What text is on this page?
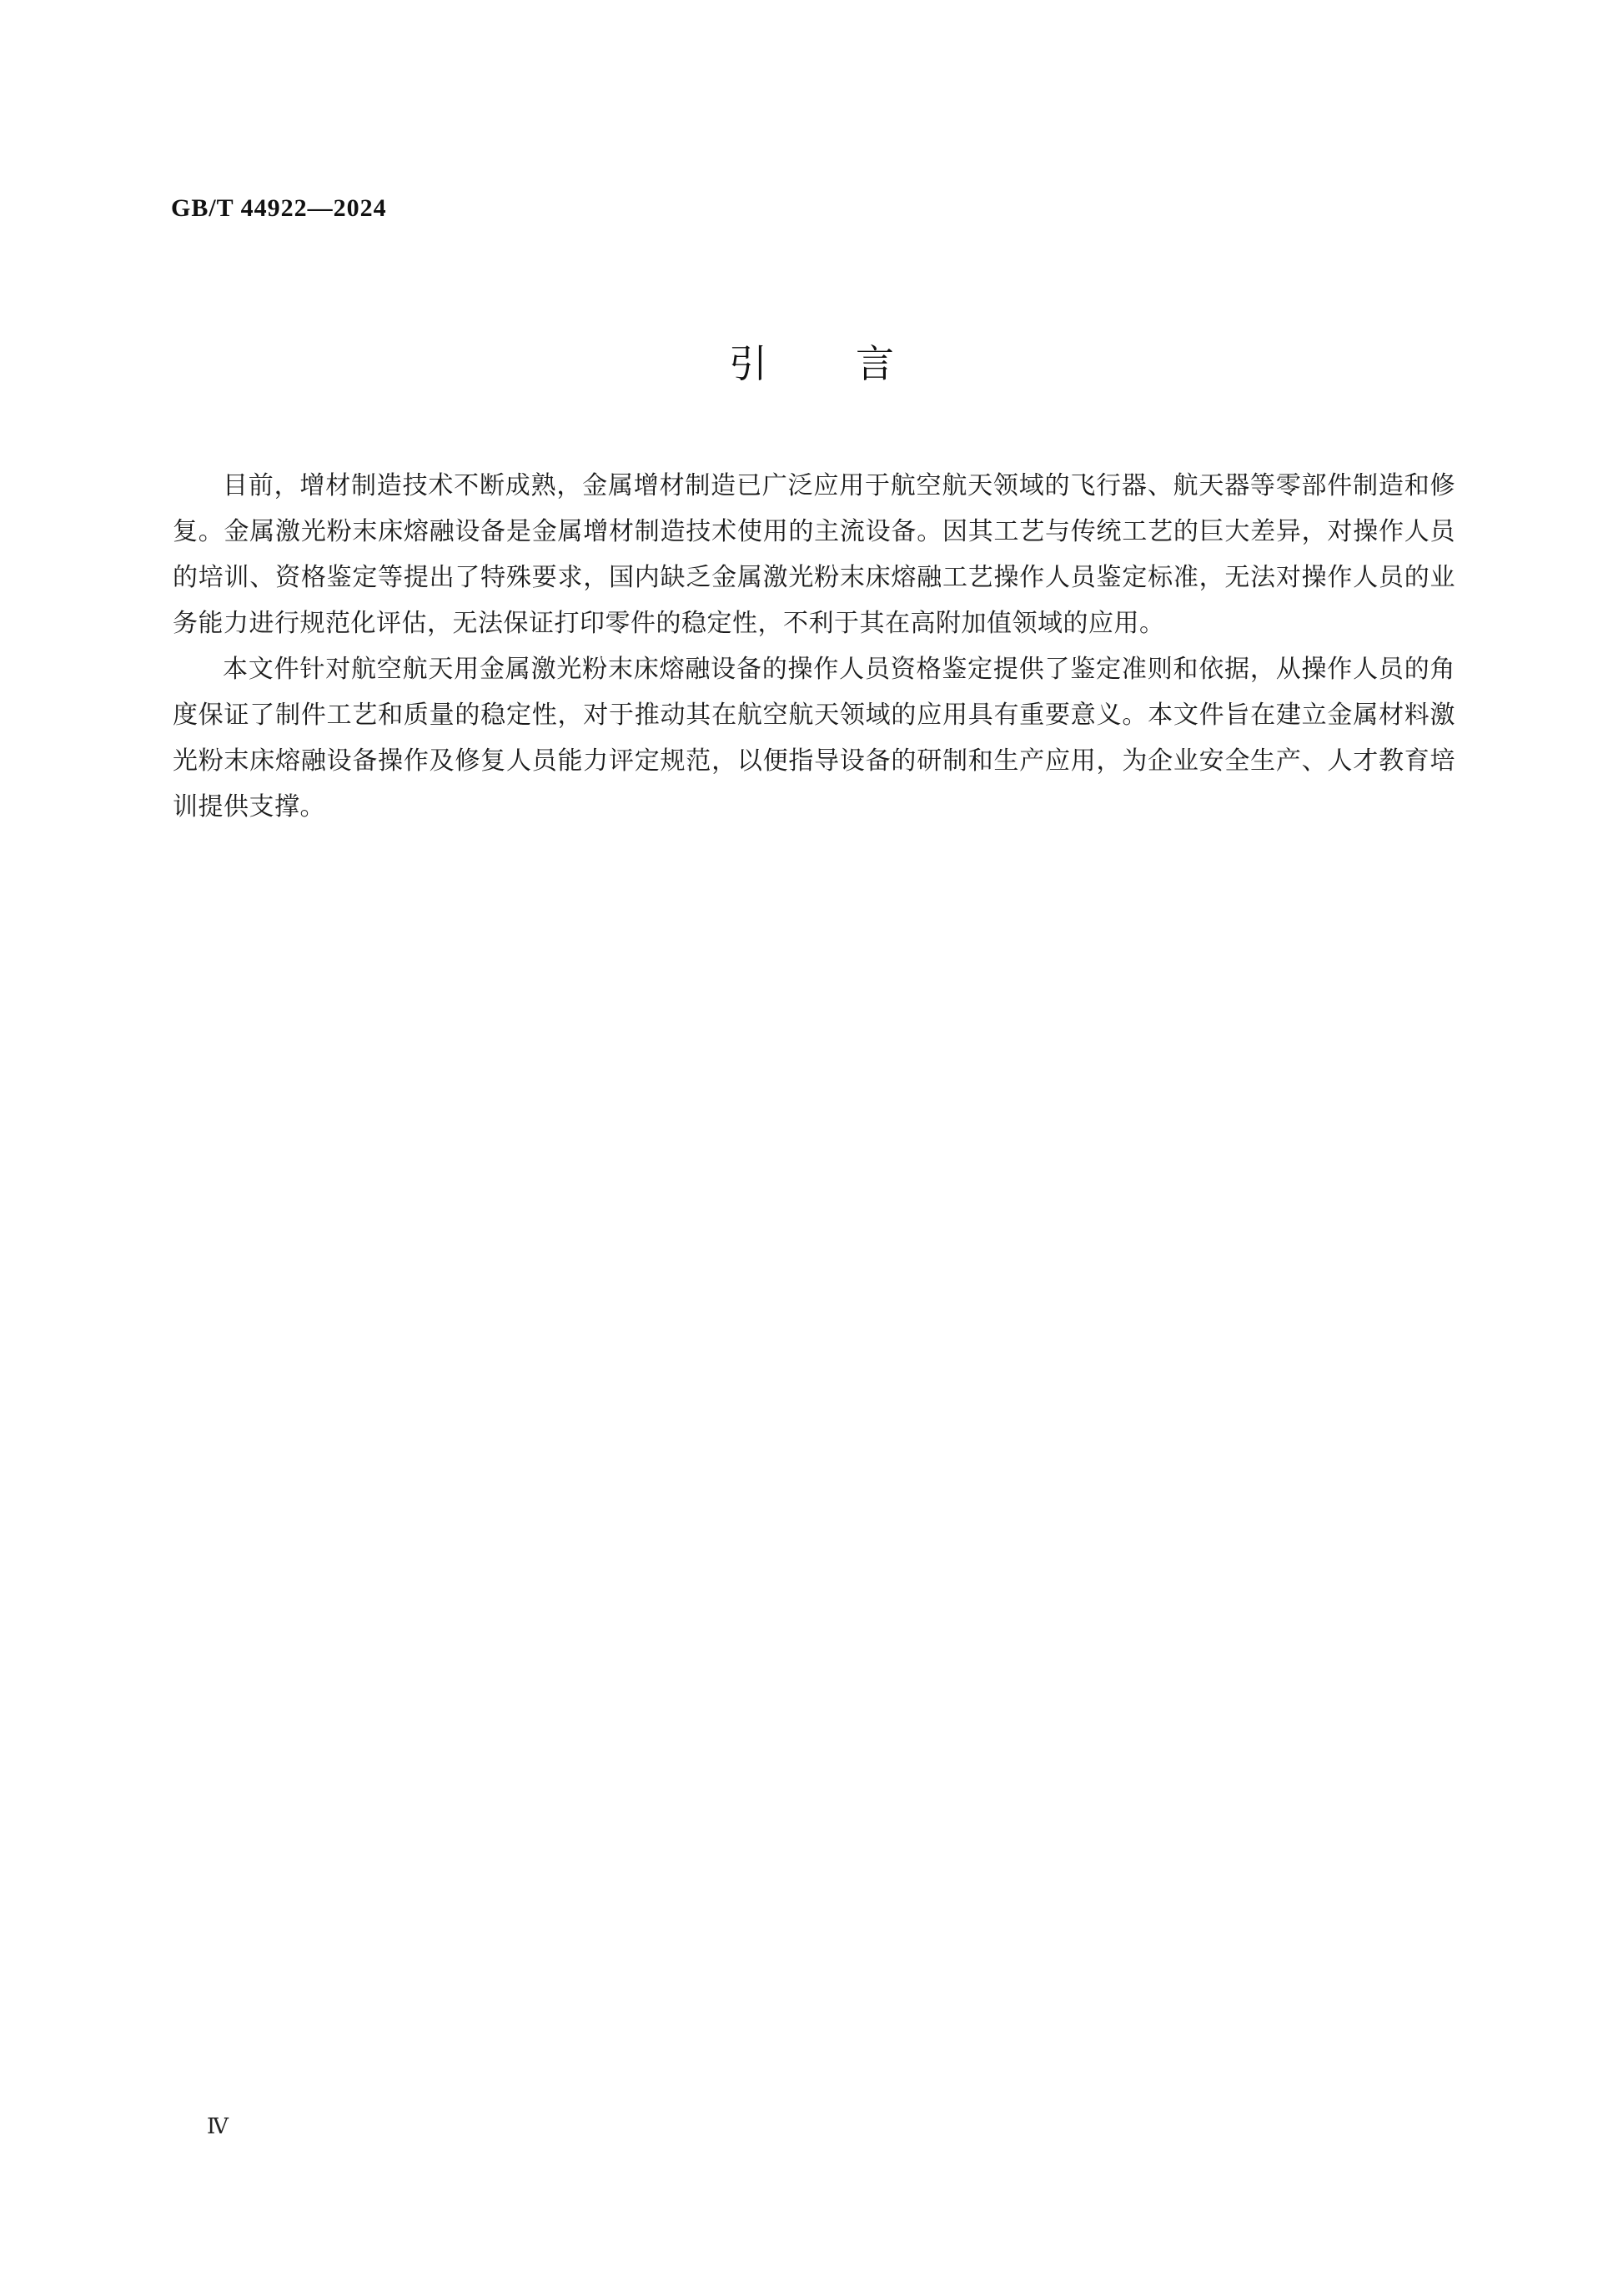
GB/T 44922—2024
引言

目前，增材制造技术不断成熟，金属增材制造已广泛应用于航空航天领域的飞行器、航天器等零部件制造和修复。金属激光粉末床熔融设备是金属增材制造技术使用的主流设备。因其工艺与传统工艺的巨大差异，对操作人员的培训、资格鉴定等提出了特殊要求，国内缺乏金属激光粉末床熔融工艺操作人员鉴定标准，无法对操作人员的业务能力进行规范化评估，无法保证打印零件的稳定性，不利于其在高附加值领域的应用。

本文件针对航空航天用金属激光粉末床熔融设备的操作人员资格鉴定提供了鉴定准则和依据，从操作人员的角度保证了制件工艺和质量的稳定性，对于推动其在航空航天领域的应用具有重要意义。本文件旨在建立金属材料激光粉末床熔融设备操作及修复人员能力评定规范，以便指导设备的研制和生产应用，为企业安全生产、人才教育培训提供支撑。

Ⅳ
